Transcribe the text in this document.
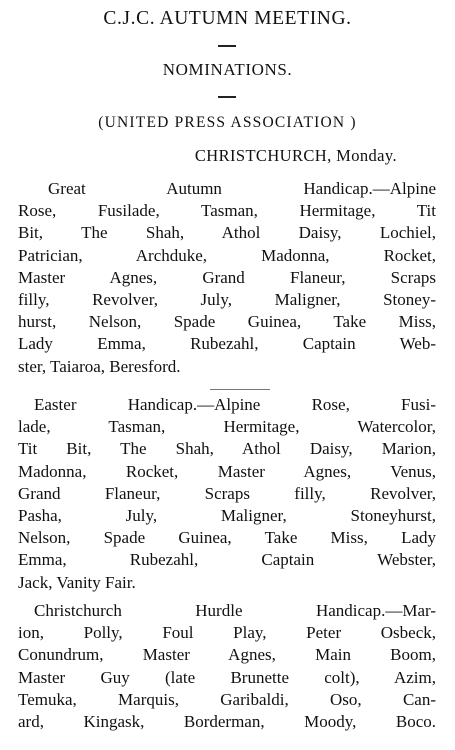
C.J.C. AUTUMN MEETING.
NOMINATIONS.
(UNITED PRESS ASSOCIATION )
CHRISTCHURCH, Monday.
Great Autumn Handicap.—Alpine
Rose, Fusilade, Tasman, Hermitage, Tit
Bit, The Shah, Athol Daisy, Lochiel,
Patrician, Archduke, Madonna, Rocket,
Master Agnes, Grand Flaneur, Scraps
filly, Revolver, July, Maligner, Stoney-
hurst, Nelson, Spade Guinea, Take Miss,
Lady Emma, Rubezahl, Captain Web-
ster, Taiaroa, Beresford.
Easter Handicap.—Alpine Rose, Fusi-
lade, Tasman, Hermitage, Watercolor,
Tit Bit, The Shah, Athol Daisy, Marion,
Madonna, Rocket, Master Agnes, Venus,
Grand Flaneur, Scraps filly, Revolver,
Pasha, July, Maligner, Stoneyhurst,
Nelson, Spade Guinea, Take Miss, Lady
Emma, Rubezahl, Captain Webster,
Jack, Vanity Fair.
Christchurch Hurdle Handicap.—Mar-
ion, Polly, Foul Play, Peter Osbeck,
Conundrum, Master Agnes, Main Boom,
Master Guy (late Brunette colt), Azim,
Temuka, Marquis, Garibaldi, Oso, Can-
ard, Kingask, Borderman, Moody, Boco.
